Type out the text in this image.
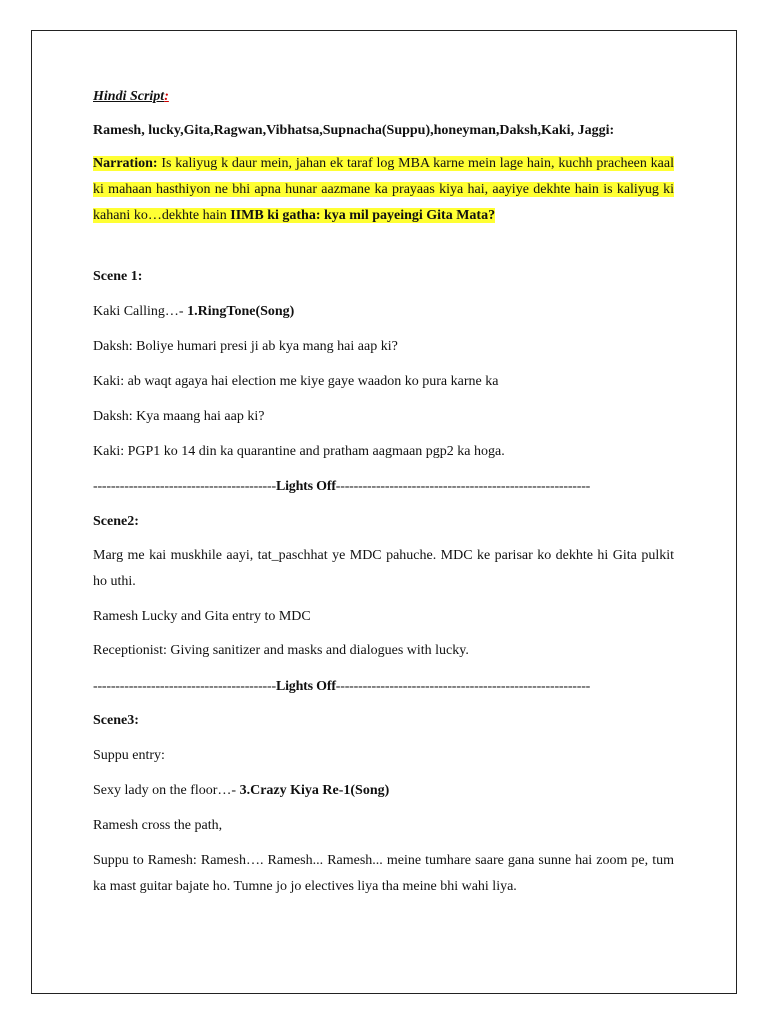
Hindi Script:

Ramesh, lucky,Gita,Ragwan,Vibhatsa,Supnacha(Suppu),honeyman,Daksh,Kaki, Jaggi:

Narration: Is kaliyug k daur mein, jahan ek taraf log MBA karne mein lage hain, kuchh pracheen kaal ki mahaan hasthiyon ne bhi apna hunar aazmane ka prayaas kiya hai, aayiye dekhte hain is kaliyug ki kahani ko…dekhte hain IIMB ki gatha: kya mil payeingi Gita Mata?

Scene 1:

Kaki Calling…- 1.RingTone(Song)

Daksh: Boliye humari presi ji ab kya mang hai aap ki?

Kaki: ab waqt agaya hai election me kiye gaye waadon ko pura karne ka

Daksh: Kya maang hai aap ki?

Kaki: PGP1 ko 14 din ka quarantine and pratham aagmaan pgp2 ka hoga.

-----------------------------------------Lights Off---------------------------------------------------------

Scene2:

Marg me kai muskhile aayi, tat_paschhat ye MDC pahuche. MDC ke parisar ko dekhte hi Gita pulkit ho uthi.

Ramesh Lucky and Gita entry to MDC

Receptionist: Giving sanitizer and masks and dialogues with lucky.

-----------------------------------------Lights Off---------------------------------------------------------

Scene3:

Suppu entry:

Sexy lady on the floor…- 3.Crazy Kiya Re-1(Song)

Ramesh cross the path,

Suppu to Ramesh: Ramesh…. Ramesh... Ramesh... meine tumhare saare gana sunne hai zoom pe, tum ka mast guitar bajate ho. Tumne jo jo electives liya tha meine bhi wahi liya.
